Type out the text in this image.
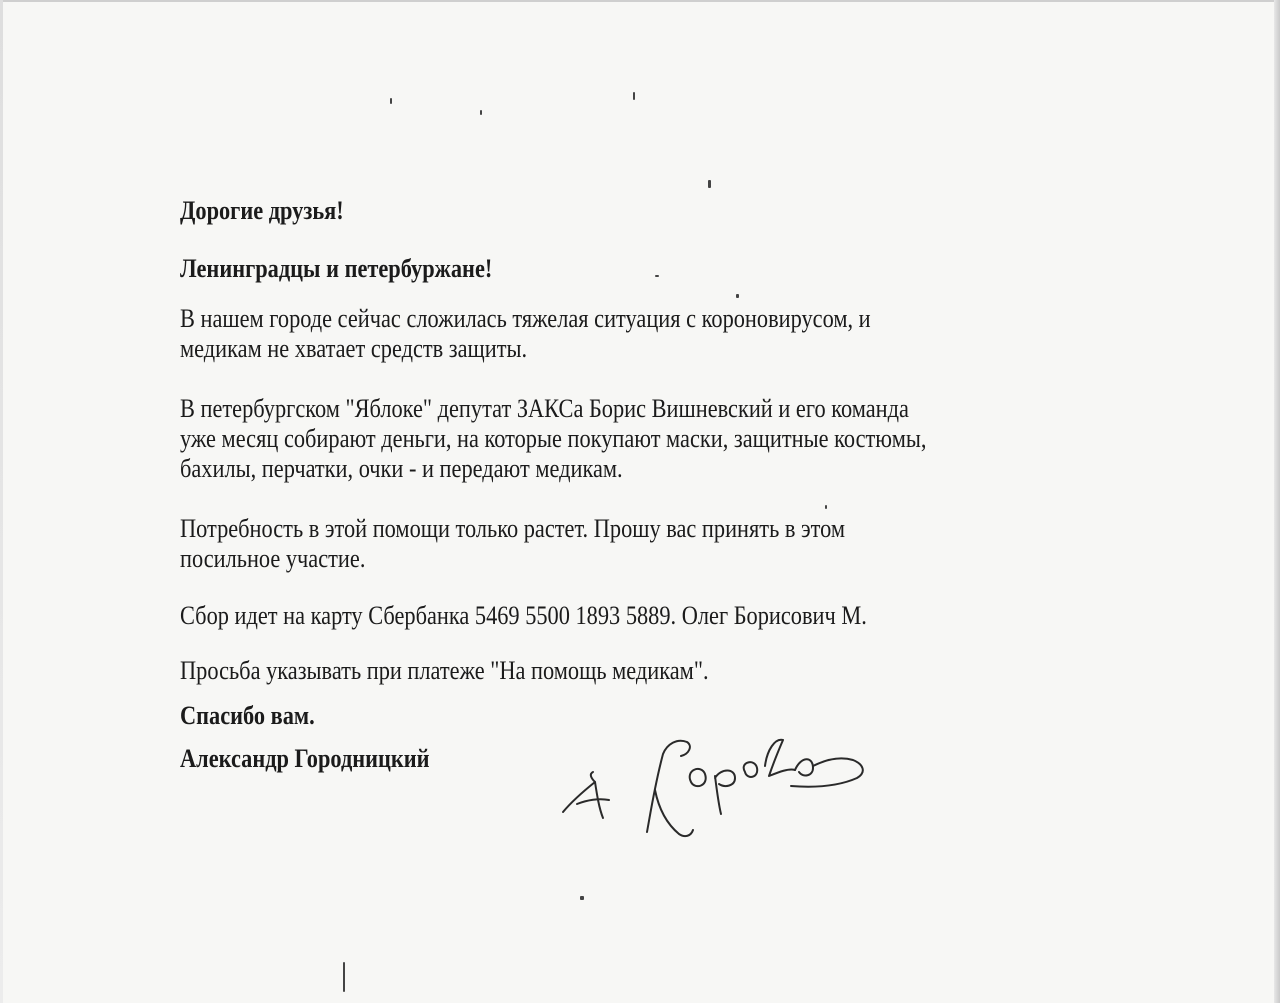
Дорогие друзья!

Ленинградцы и петербуржане!

В нашем городе сейчас сложилась тяжелая ситуация с короновирусом, и

медикам не хватает средств защиты.

В петербургском "Яблоке" депутат ЗАКСа Борис Вишневский и его команда

уже месяц собирают деньги, на которые покупают маски, защитные костюмы,

бахилы, перчатки, очки - и передают медикам.

Потребность в этой помощи только растет. Прошу вас принять в этом

посильное участие.

Сбор идет на карту Сбербанка 5469 5500 1893 5889. Олег Борисович М.

Просьба указывать при платеже "На помощь медикам".

Спасибо вам.

Александр Городницкий
